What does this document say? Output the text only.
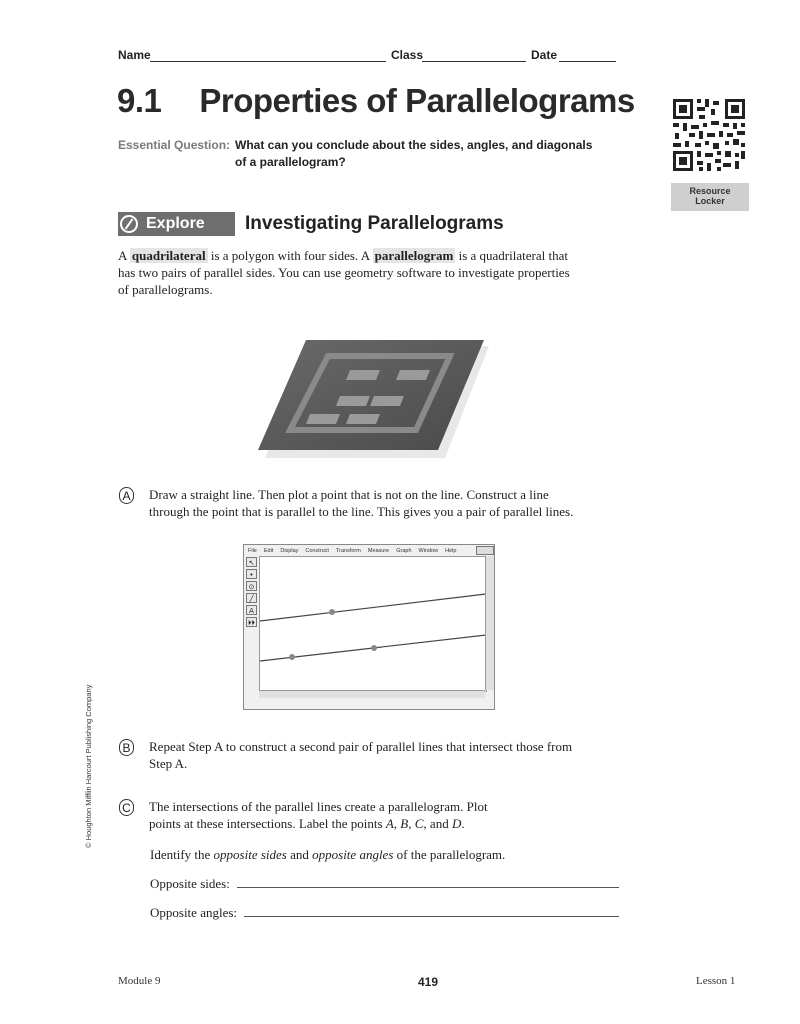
Name	Class	Date
9.1 Properties of Parallelograms
Essential Question: What can you conclude about the sides, angles, and diagonals
of a parallelogram?
Resource
Locker
Explore Investigating Parallelograms
A quadrilateral is a polygon with four sides. A parallelogram is a quadrilateral that
has two pairs of parallel sides. You can use geometry software to investigate properties
of parallelograms.
A Draw a straight line. Then plot a point that is not on the line. Construct a line
through the point that is parallel to the line. This gives you a pair of parallel lines.
File Edit Display Construct Transform Measure Graph Window Help
↖
•
⊙
╱
A
⏵⏵
B Repeat Step A to construct a second pair of parallel lines that intersect those from
Step A.
C The intersections of the parallel lines create a parallelogram. Plot
points at these intersections. Label the points A, B, C, and D.
Identify the opposite sides and opposite angles of the parallelogram.
Opposite sides:
Opposite angles:
© Houghton Mifflin Harcourt Publishing Company
Module 9	419	Lesson 1
